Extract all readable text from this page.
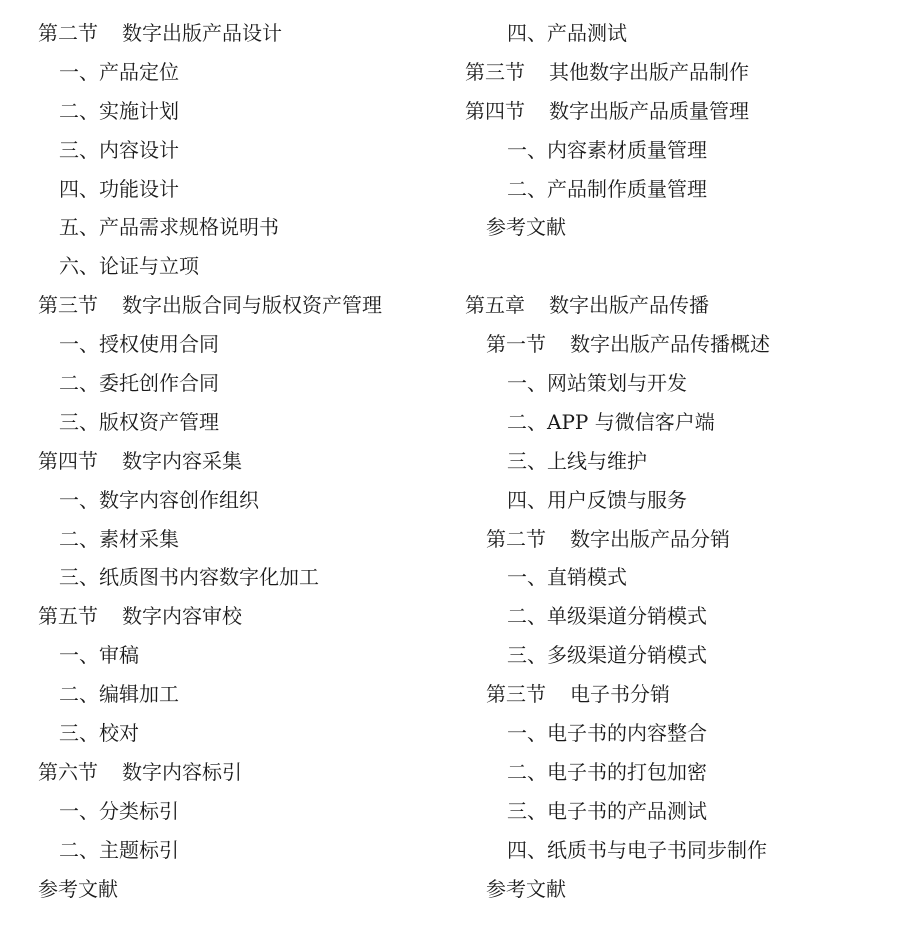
第二节	数字出版产品设计
一、 产品定位
二、 实施计划
三、 内容设计
四、 功能设计
五、 产品需求规格说明书
六、 论证与立项
第三节	数字出版合同与版权资产管理
一、 授权使用合同
二、 委托创作合同
三、 版权资产管理
第四节	数字内容采集
一、 数字内容创作组织
二、 素材采集
三、 纸质图书内容数字化加工
第五节	数字内容审校
一、 审稿
二、 编辑加工
三、 校对
第六节	数字内容标引
一、 分类标引
二、 主题标引
参考文献
四、 产品测试
第三节	其他数字出版产品制作
第四节	数字出版产品质量管理
一、 内容素材质量管理
二、 产品制作质量管理
参考文献
第五章	数字出版产品传播
第一节	数字出版产品传播概述
一、 网站策划与开发
二、 APP 与微信客户端
三、 上线与维护
四、 用户反馈与服务
第二节	数字出版产品分销
一、 直销模式
二、 单级渠道分销模式
三、 多级渠道分销模式
第三节	电子书分销
一、 电子书的内容整合
二、 电子书的打包加密
三、 电子书的产品测试
四、 纸质书与电子书同步制作
参考文献
